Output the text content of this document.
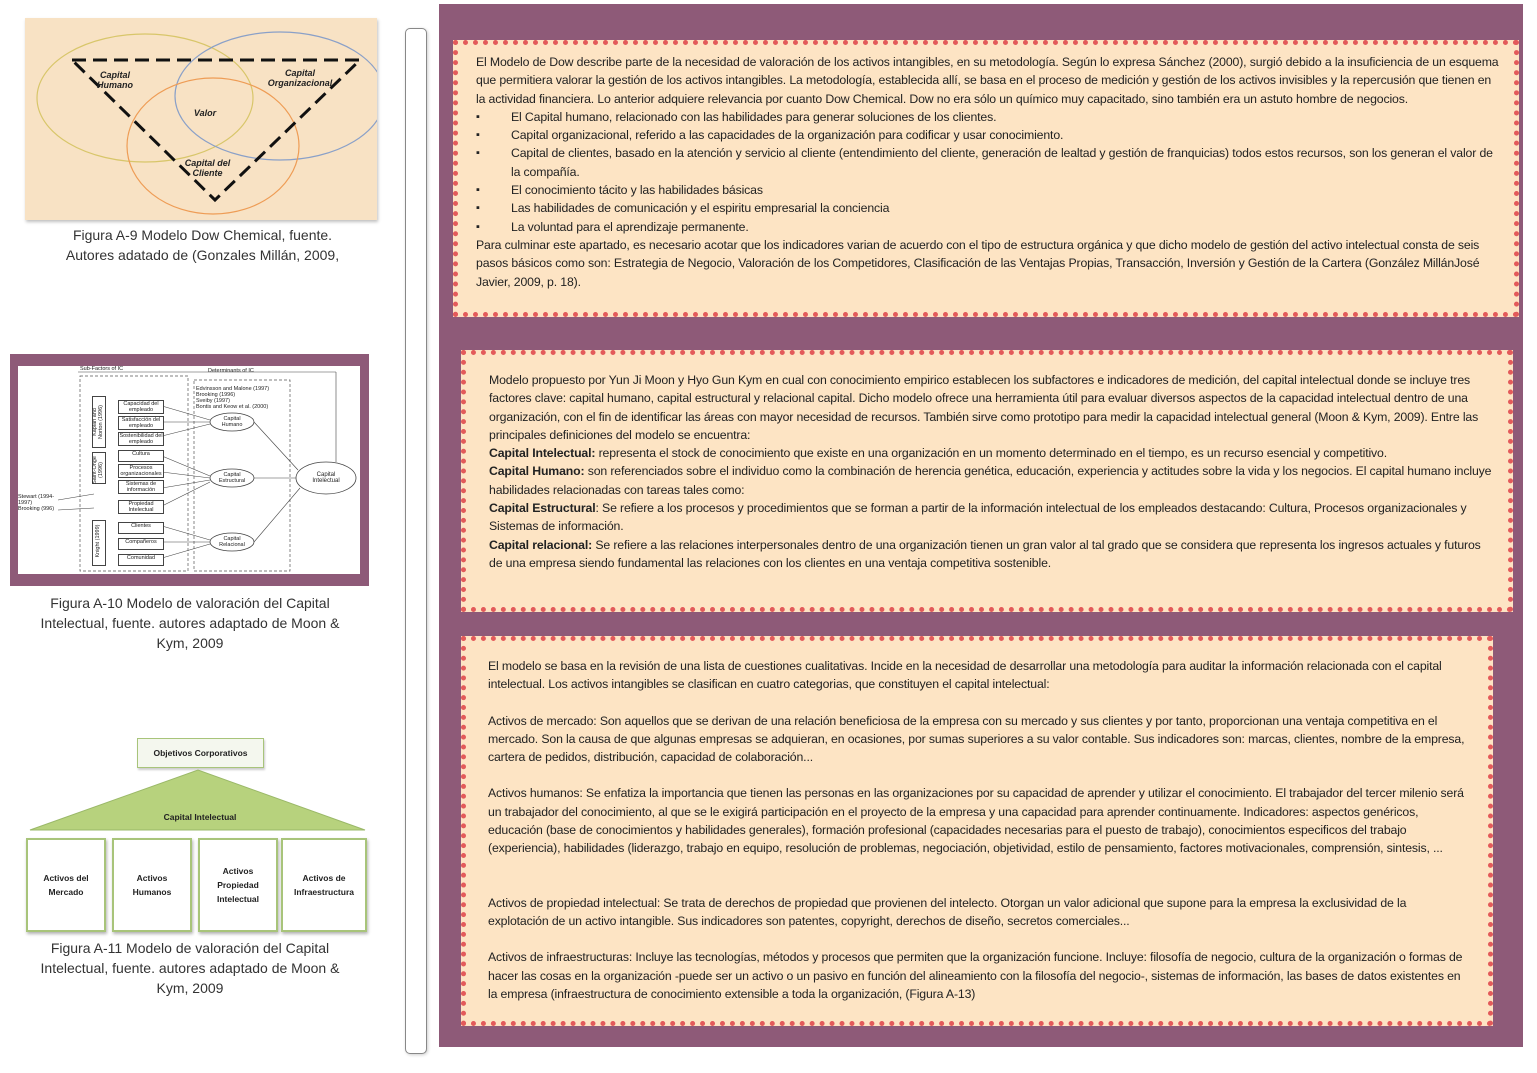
Capital Humano
Capital Organizacional
Valor
Capital del Cliente
Figura A-9 Modelo Dow Chemical, fuente.
Autores adatado de (Gonzales Millán, 2009,
Sub-Factors of IC	Determinants of IC
Edvinsson and Malone (1997)
Brooking (1996)
Sveiby (1997)
Bontis and Keow et al. (2000)
Kaplan and Norton (1996)
Capacidad del empleado
Satisfacción del empleado
Sostenibilidad del empleado
Saint-Onge (1996)
Cultura
Procesos organizacionales
Sistemas de información
Propiedad Intelectual
Stewart (1994-1997)
Brooking (996)
Knight (1999)	Clientes
Compañeros
Comunidad
Capital Humano
Capital Estructural
Capital Relacional
Capital Intelectual
Figura A-10 Modelo de valoración del Capital
Intelectual, fuente. autores adaptado de Moon &
Kym, 2009
Objetivos Corporativos
Capital Intelectual
Activos del
Mercado
Activos
Humanos
Activos
Propiedad
Intelectual
Activos de
Infraestructura
Figura A-11 Modelo de valoración del Capital
Intelectual, fuente. autores adaptado de Moon &
Kym, 2009

El Modelo de Dow describe parte de la necesidad de valoración de los activos intangibles, en su metodología. Según lo expresa Sánchez (2000), surgió debido a la insuficiencia de un esquema que permitiera valorar la gestión de los activos intangibles. La metodología, establecida allí, se basa en el proceso de medición y gestión de los activos invisibles y la repercusión que tienen en la actividad financiera. Lo anterior adquiere relevancia por cuanto Dow Chemical. Dow no era sólo un químico muy capacitado, sino también era un astuto hombre de negocios.

▪ El Capital humano, relacionado con las habilidades para generar soluciones de los clientes.
▪ Capital organizacional, referido a las capacidades de la organización para codificar y usar conocimiento.
▪ Capital de clientes, basado en la atención y servicio al cliente (entendimiento del cliente, generación de lealtad y gestión de franquicias) todos estos recursos, son los generan el valor de la compañía.
▪ El conocimiento tácito y las habilidades básicas
▪ Las habilidades de comunicación y el espiritu empresarial la conciencia
▪ La voluntad para el aprendizaje permanente.

Para culminar este apartado, es necesario acotar que los indicadores varian de acuerdo con el tipo de estructura orgánica y que dicho modelo de gestión del activo intelectual consta de seis pasos básicos como son: Estrategia de Negocio, Valoración de los Competidores, Clasificación de las Ventajas Propias, Transacción, Inversión y Gestión de la Cartera (González MillánJosé Javier, 2009, p. 18).

Modelo propuesto por Yun Ji Moon y Hyo Gun Kym en cual con conocimiento empirico establecen los subfactores e indicadores de medición, del capital intelectual donde se incluye tres factores clave: capital humano, capital estructural y relacional capital. Dicho modelo ofrece una herramienta útil para evaluar diversos aspectos de la capacidad intelectual dentro de una organización, con el fin de identificar las áreas con mayor necesidad de recursos. También sirve como prototipo para medir la capacidad intelectual general (Moon & Kym, 2009). Entre las principales definiciones del modelo se encuentra:

Capital Intelectual: representa el stock de conocimiento que existe en una organización en un momento determinado en el tiempo, es un recurso esencial y competitivo.

Capital Humano: son referenciados sobre el individuo como la combinación de herencia genética, educación, experiencia y actitudes sobre la vida y los negocios. El capital humano incluye habilidades relacionadas con tareas tales como:

Capital Estructural: Se refiere a los procesos y procedimientos que se forman a partir de la información intelectual de los empleados destacando: Cultura, Procesos organizacionales y Sistemas de información.

Capital relacional: Se refiere a las relaciones interpersonales dentro de una organización tienen un gran valor al tal grado que se considera que representa los ingresos actuales y futuros de una empresa siendo fundamental las relaciones con los clientes en una ventaja competitiva sostenible.

El modelo se basa en la revisión de una lista de cuestiones cualitativas. Incide en la necesidad de desarrollar una metodología para auditar la información relacionada con el capital intelectual. Los activos intangibles se clasifican en cuatro categorias, que constituyen el capital intelectual:

Activos de mercado: Son aquellos que se derivan de una relación beneficiosa de la empresa con su mercado y sus clientes y por tanto, proporcionan una ventaja competitiva en el mercado. Son la causa de que algunas empresas se adquieran, en ocasiones, por sumas superiores a su valor contable. Sus indicadores son: marcas, clientes, nombre de la empresa, cartera de pedidos, distribución, capacidad de colaboración...

Activos humanos: Se enfatiza la importancia que tienen las personas en las organizaciones por su capacidad de aprender y utilizar el conocimiento. El trabajador del tercer milenio será un trabajador del conocimiento, al que se le exigirá participación en el proyecto de la empresa y una capacidad para aprender continuamente. Indicadores: aspectos genéricos, educación (base de conocimientos y habilidades generales), formación profesional (capacidades necesarias para el puesto de trabajo), conocimientos especificos del trabajo (experiencia), habilidades (liderazgo, trabajo en equipo, resolución de problemas, negociación, objetividad, estilo de pensamiento, factores motivacionales, comprensión, sintesis, ...

Activos de propiedad intelectual: Se trata de derechos de propiedad que provienen del intelecto. Otorgan un valor adicional que supone para la empresa la exclusividad de la explotación de un activo intangible. Sus indicadores son patentes, copyright, derechos de diseño, secretos comerciales...

Activos de infraestructuras: Incluye las tecnologías, métodos y procesos que permiten que la organización funcione. Incluye: filosofía de negocio, cultura de la organización o formas de hacer las cosas en la organización -puede ser un activo o un pasivo en función del alineamiento con la filosofía del negocio-, sistemas de información, las bases de datos existentes en la empresa (infraestructura de conocimiento extensible a toda la organización, (Figura A-13)
